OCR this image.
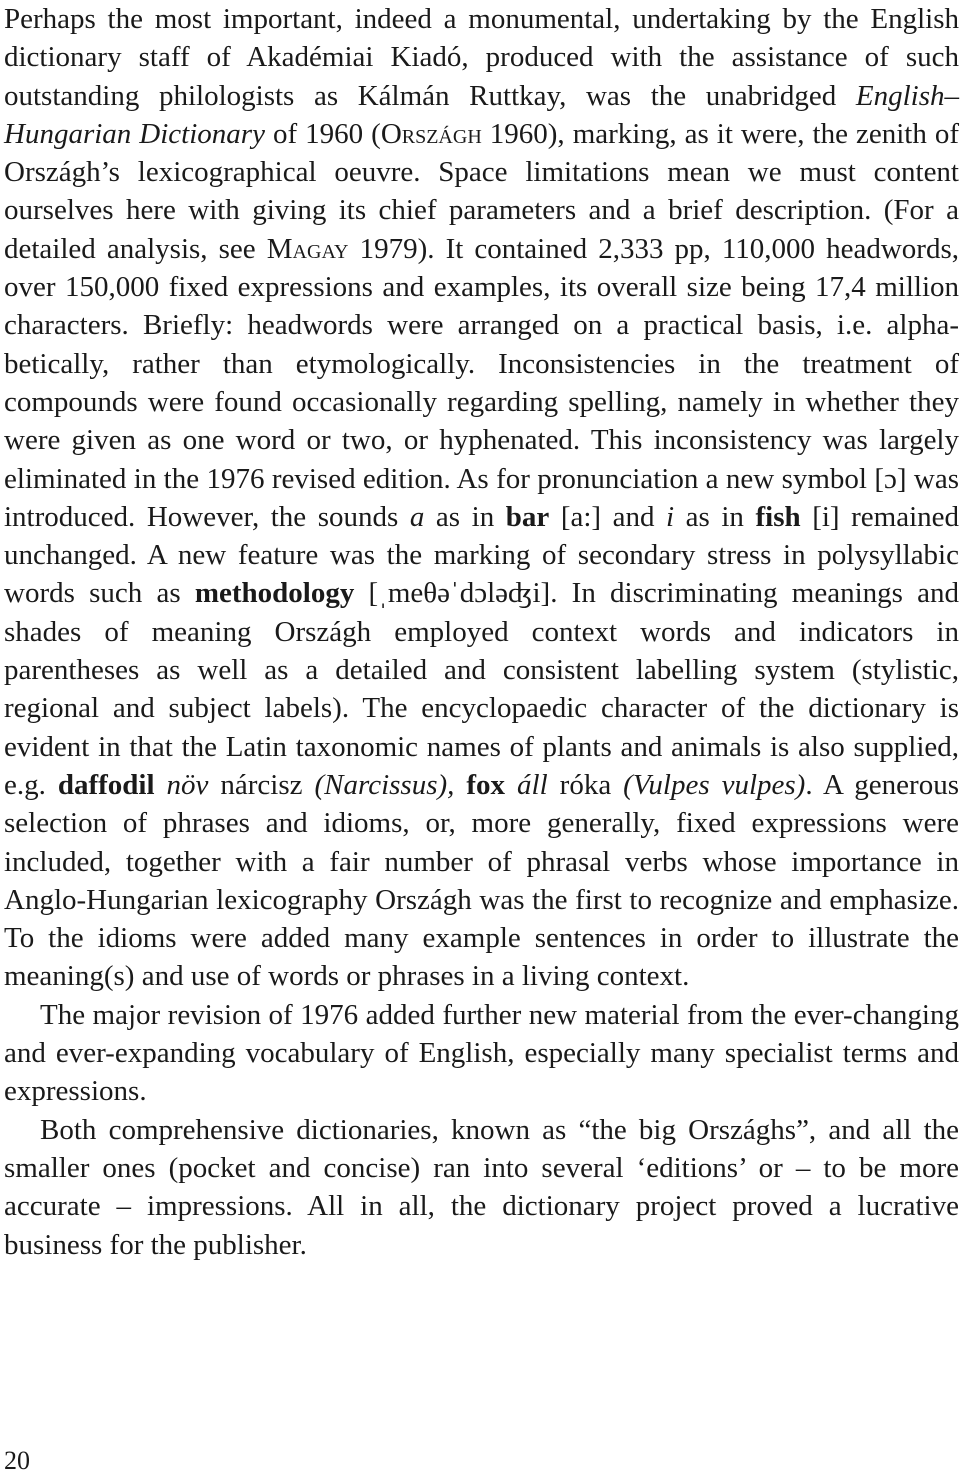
Perhaps the most important, indeed a monumental, undertaking by the English dictionary staff of Akadémiai Kiadó, produced with the assistance of such outstanding philologists as Kálmán Ruttkay, was the unabridged English–Hungarian Dictionary of 1960 (Országh 1960), marking, as it were, the zenith of Országh’s lexicographical oeuvre. Space limitations mean we must content ourselves here with giving its chief parameters and a brief description. (For a detailed analysis, see Magay 1979). It contained 2,333 pp, 110,000 headwords, over 150,000 fixed expressions and examples, its overall size being 17,4 million characters. Briefly: headwords were arranged on a practical basis, i.e. alphabetically, rather than etymologically. Inconsistencies in the treatment of compounds were found occasionally regarding spelling, namely in whether they were given as one word or two, or hyphenated. This inconsistency was largely eliminated in the 1976 revised edition. As for pronunciation a new symbol [ɔ] was introduced. However, the sounds a as in bar [a:] and i as in fish [i] remained unchanged. A new feature was the marking of secondary stress in polysyllabic words such as methodology [ˌmeθəˈdɔləʤi]. In discriminating meanings and shades of meaning Országh employed context words and indicators in parentheses as well as a detailed and consistent labelling system (stylistic, regional and subject labels). The encyclopaedic character of the dictionary is evident in that the Latin taxonomic names of plants and animals is also supplied, e.g. daffodil növ nárcisz (Narcissus), fox áll róka (Vulpes vulpes). A generous selection of phrases and idioms, or, more generally, fixed expressions were included, together with a fair number of phrasal verbs whose importance in Anglo-Hungarian lexicography Országh was the first to recognize and emphasize. To the idioms were added many example sentences in order to illustrate the meaning(s) and use of words or phrases in a living context.

The major revision of 1976 added further new material from the ever-changing and ever-expanding vocabulary of English, especially many specialist terms and expressions.

Both comprehensive dictionaries, known as “the big Országhs”, and all the smaller ones (pocket and concise) ran into several ‘editions’ or – to be more accurate – impressions. All in all, the dictionary project proved a lucrative business for the publisher.

20
